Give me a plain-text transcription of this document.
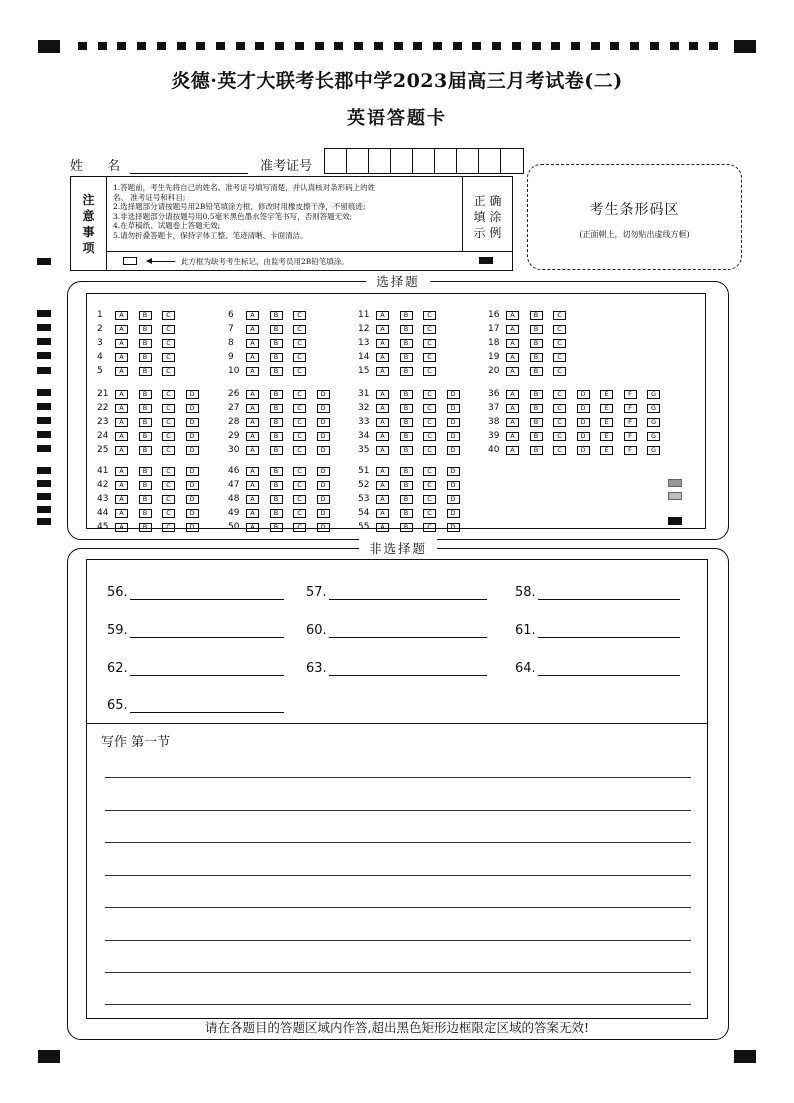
炎德·英才大联考长郡中学2023届高三月考试卷(二)
英语答题卡
姓 名	准考证号
注
意
事
项
1.答题前，考生先将自己的姓名、准考证号填写清楚，并认真核对条形码上的姓
名、 准考证号和科目;
2.选择题部分请按题号用2B铅笔填涂方框，修改时用橡皮擦干净，不留痕迹;
3.非选择题部分请按题号用0.5毫米黑色墨水签字笔书写，否则答题无效;
4.在草稿纸、试题卷上答题无效;
5.请勿折叠答题卡，保持字体工整、笔迹清晰、卡面清洁。
正 确
填 涂
示 例
此方框为缺考考生标记，由监考员用2B铅笔填涂。
考生条形码区
(正面朝上，切勿贴出虚线方框)
选择题
1	A	B	C
2	A	B	C
3	A	B	C
4	A	B	C
5	A	B	C
6	A	B	C
7	A	B	C
8	A	B	C
9	A	B	C
10	A	B	C
11	A	B	C
12	A	B	C
13	A	B	C
14	A	B	C
15	A	B	C
16	A	B	C
17	A	B	C
18	A	B	C
19	A	B	C
20	A	B	C
21	A	B	C	D
22	A	B	C	D
23	A	B	C	D
24	A	B	C	D
25	A	B	C	D
26	A	B	C	D
27	A	B	C	D
28	A	B	C	D
29	A	B	C	D
30	A	B	C	D
31	A	B	C	D
32	A	B	C	D
33	A	B	C	D
34	A	B	C	D
35	A	B	C	D
36	A	B	C	D	E	F	G
37	A	B	C	D	E	F	G
38	A	B	C	D	E	F	G
39	A	B	C	D	E	F	G
40	A	B	C	D	E	F	G
41	A	B	C	D
42	A	B	C	D
43	A	B	C	D
44	A	B	C	D
45	A	B	C	D
46	A	B	C	D
47	A	B	C	D
48	A	B	C	D
49	A	B	C	D
50	A	B	C	D
51	A	B	C	D
52	A	B	C	D
53	A	B	C	D
54	A	B	C	D
55	A	B	C	D
非选择题
56.	57.	58.
59.	60.	61.
62.	63.	64.
65.
写作 第一节
请在各题目的答题区域内作答,超出黑色矩形边框限定区域的答案无效!
